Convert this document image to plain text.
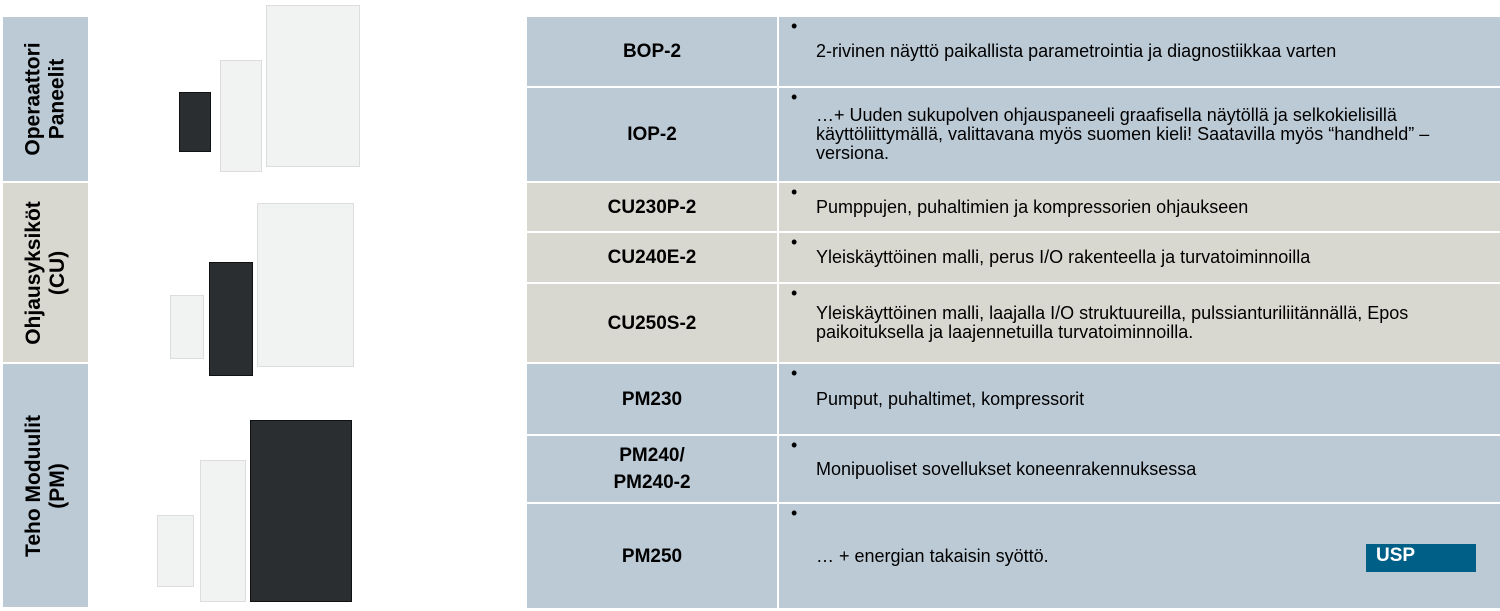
Operaattori
Paneelit
Ohjausyksiköt
(CU)
Teho Moduulit
(PM)
BOP-2
•
2-rivinen näyttö paikallista parametrointia ja diagnostiikkaa varten
IOP-2
•
…+ Uuden sukupolven ohjauspaneeli graafisella näytöllä ja selkokielisillä käyttöliittymällä, valittavana myös suomen kieli! Saatavilla myös “handheld” –versiona.
CU230P-2
•
Pumppujen, puhaltimien ja kompressorien ohjaukseen
CU240E-2
•
Yleiskäyttöinen malli, perus I/O rakenteella ja turvatoiminnoilla
CU250S-2
•
Yleiskäyttöinen malli, laajalla I/O struktuureilla, pulssianturiliitännällä, Epos paikoituksella ja laajennetuilla turvatoiminnoilla.
PM230
•
Pumput, puhaltimet, kompressorit
PM240/
PM240-2
•
Monipuoliset sovellukset koneenrakennuksessa
PM250
•
… + energian takaisin syöttö.	USP
